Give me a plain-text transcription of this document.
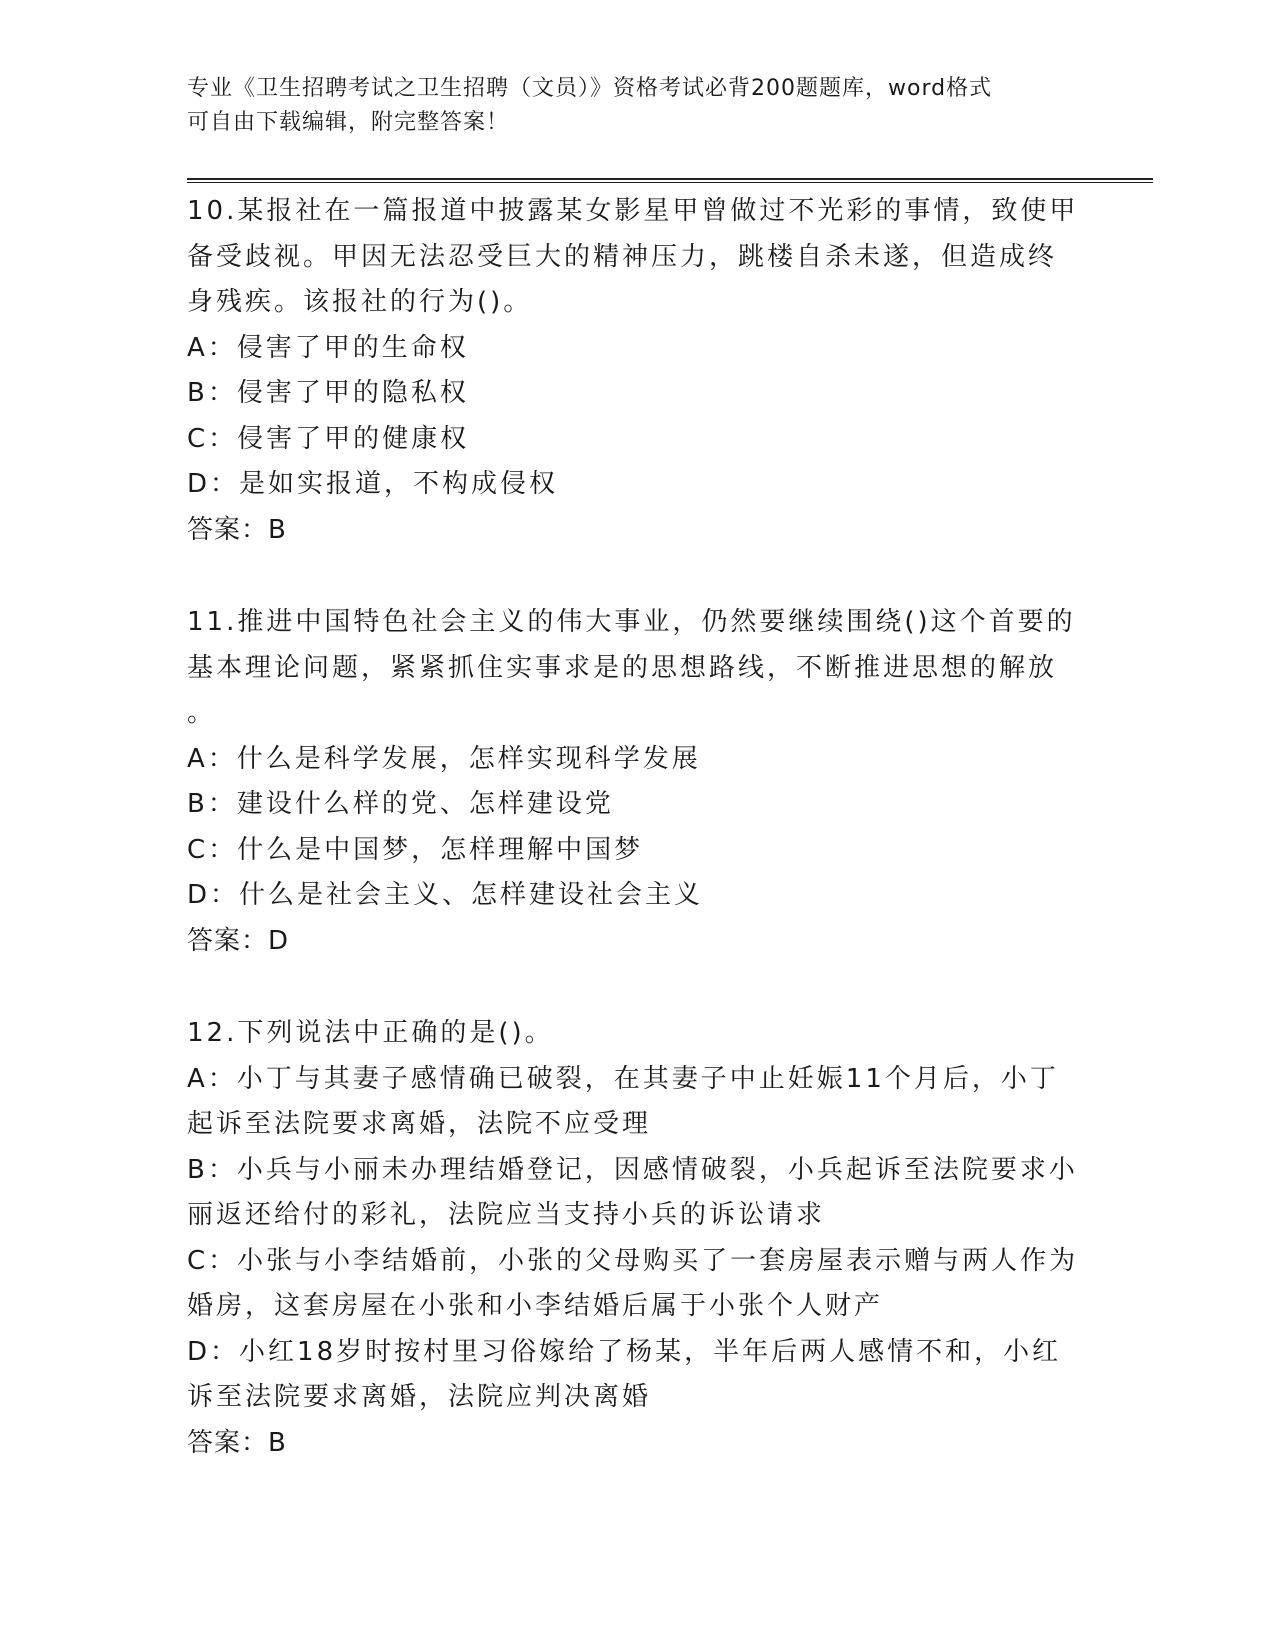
专业《卫生招聘考试之卫生招聘（文员）》资格考试必背200题题库，word格式
可自由下载编辑，附完整答案！
10.某报社在一篇报道中披露某女影星甲曾做过不光彩的事情，致使甲
备受歧视。甲因无法忍受巨大的精神压力，跳楼自杀未遂，但造成终
身残疾。该报社的行为()。
A：侵害了甲的生命权
B：侵害了甲的隐私权
C：侵害了甲的健康权
D：是如实报道，不构成侵权
答案：B
11.推进中国特色社会主义的伟大事业，仍然要继续围绕()这个首要的
基本理论问题，紧紧抓住实事求是的思想路线，不断推进思想的解放
。
A：什么是科学发展，怎样实现科学发展
B：建设什么样的党、怎样建设党
C：什么是中国梦，怎样理解中国梦
D：什么是社会主义、怎样建设社会主义
答案：D
12.下列说法中正确的是()。
A：小丁与其妻子感情确已破裂，在其妻子中止妊娠11个月后，小丁
起诉至法院要求离婚，法院不应受理
B：小兵与小丽未办理结婚登记，因感情破裂，小兵起诉至法院要求小
丽返还给付的彩礼，法院应当支持小兵的诉讼请求
C：小张与小李结婚前，小张的父母购买了一套房屋表示赠与两人作为
婚房，这套房屋在小张和小李结婚后属于小张个人财产
D：小红18岁时按村里习俗嫁给了杨某，半年后两人感情不和，小红
诉至法院要求离婚，法院应判决离婚
答案：B
